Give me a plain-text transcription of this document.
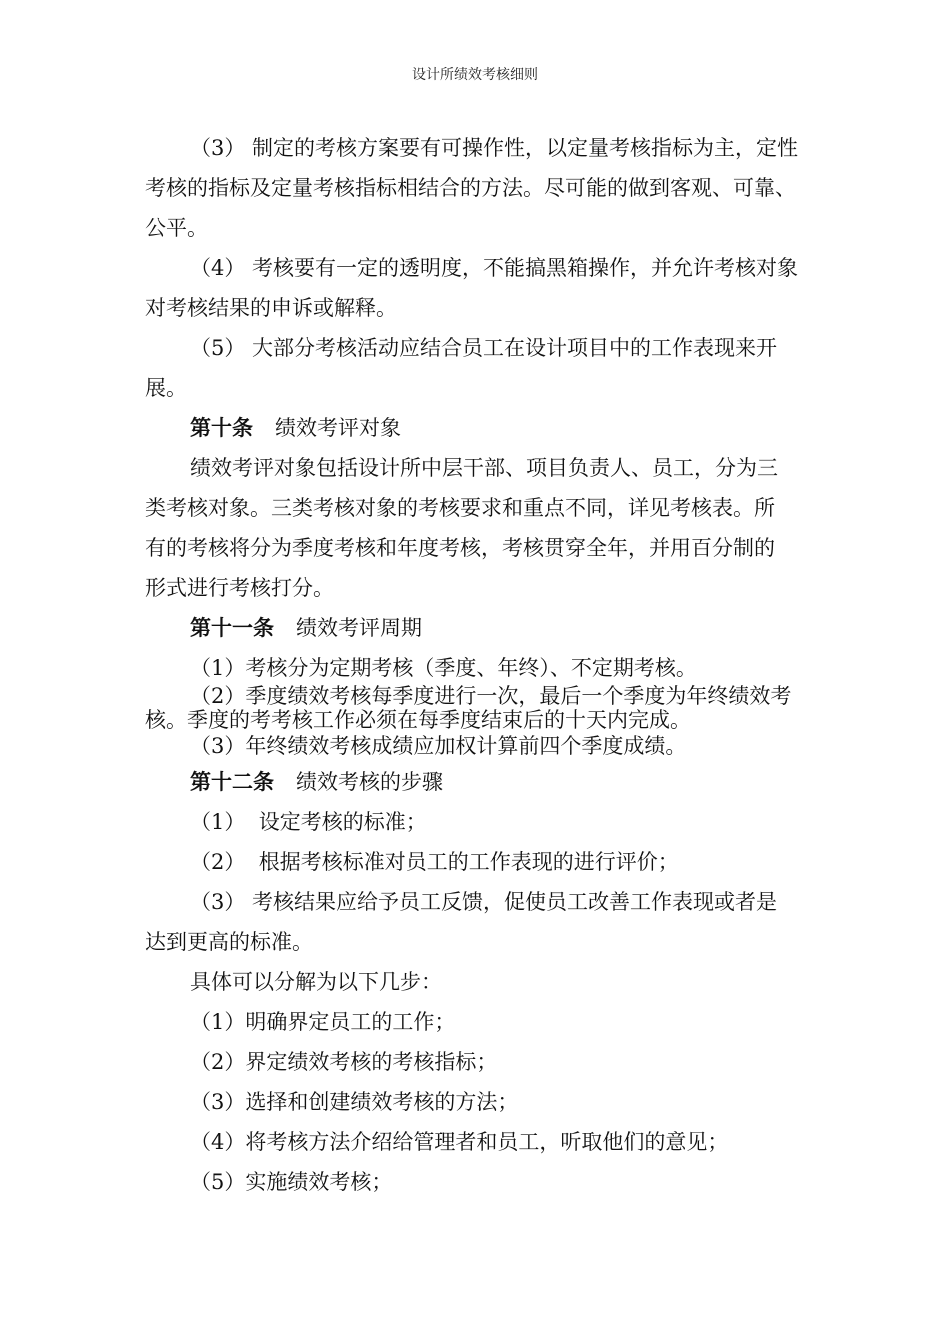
设计所绩效考核细则
（3） 制定的考核方案要有可操作性，以定量考核指标为主，定性
考核的指标及定量考核指标相结合的方法。尽可能的做到客观、可靠、
公平。
（4） 考核要有一定的透明度，不能搞黑箱操作，并允许考核对象
对考核结果的申诉或解释。
（5） 大部分考核活动应结合员工在设计项目中的工作表现来开
展。
第十条 绩效考评对象
绩效考评对象包括设计所中层干部、项目负责人、员工，分为三
类考核对象。三类考核对象的考核要求和重点不同，详见考核表。所
有的考核将分为季度考核和年度考核，考核贯穿全年，并用百分制的
形式进行考核打分。
第十一条 绩效考评周期
（1）考核分为定期考核（季度、年终）、不定期考核。
（2）季度绩效考核每季度进行一次，最后一个季度为年终绩效考
核。季度的考考核工作必须在每季度结束后的十天内完成。
（3）年终绩效考核成绩应加权计算前四个季度成绩。
第十二条 绩效考核的步骤
（1）  设定考核的标准；
（2）  根据考核标准对员工的工作表现的进行评价；
（3） 考核结果应给予员工反馈，促使员工改善工作表现或者是
达到更高的标准。
具体可以分解为以下几步：
（1）明确界定员工的工作；
（2）界定绩效考核的考核指标；
（3）选择和创建绩效考核的方法；
（4）将考核方法介绍给管理者和员工，听取他们的意见；
（5）实施绩效考核；
